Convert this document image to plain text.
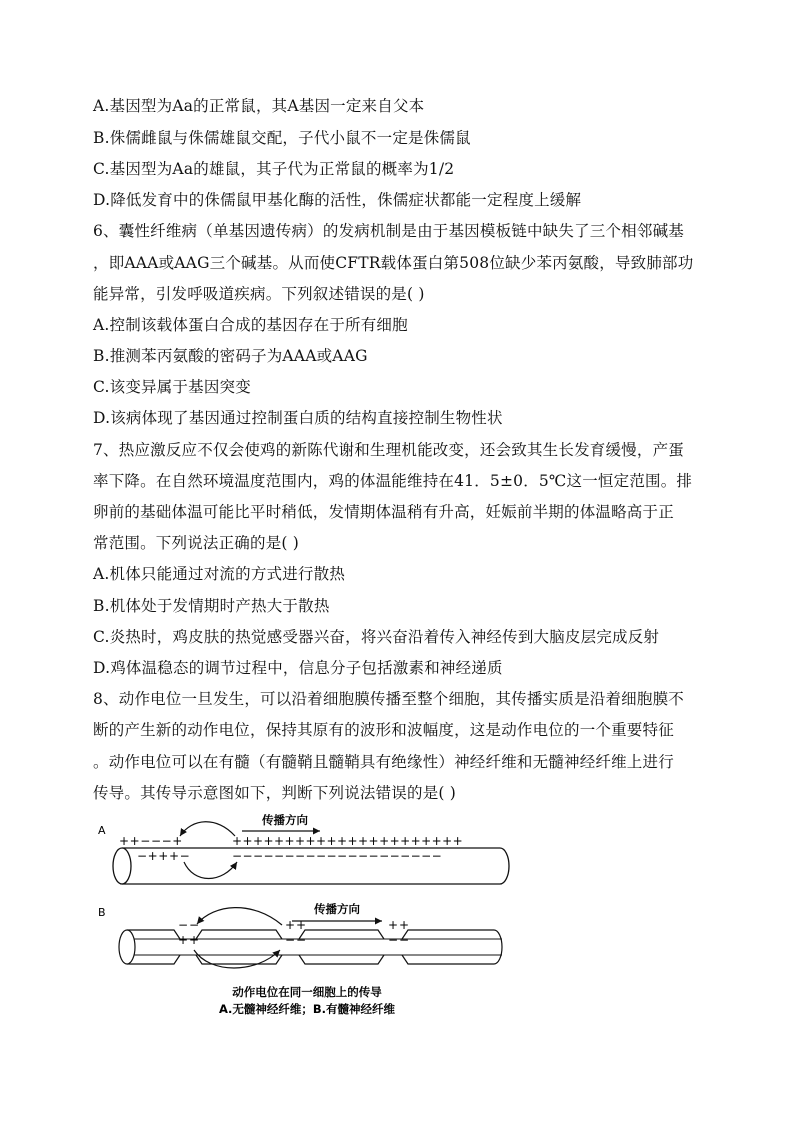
A.基因型为Aa的正常鼠，其A基因一定来自父本
B.侏儒雌鼠与侏儒雄鼠交配，子代小鼠不一定是侏儒鼠
C.基因型为Aa的雄鼠，其子代为正常鼠的概率为1/2
D.降低发育中的侏儒鼠甲基化酶的活性，侏儒症状都能一定程度上缓解
6、囊性纤维病（单基因遗传病）的发病机制是由于基因模板链中缺失了三个相邻碱基
，即AAA或AAG三个碱基。从而使CFTR载体蛋白第508位缺少苯丙氨酸，导致肺部功
能异常，引发呼吸道疾病。下列叙述错误的是( )
A.控制该载体蛋白合成的基因存在于所有细胞
B.推测苯丙氨酸的密码子为AAA或AAG
C.该变异属于基因突变
D.该病体现了基因通过控制蛋白质的结构直接控制生物性状
7、热应激反应不仅会使鸡的新陈代谢和生理机能改变，还会致其生长发育缓慢，产蛋
率下降。在自然环境温度范围内，鸡的体温能维持在41．5±0．5℃这一恒定范围。排
卵前的基础体温可能比平时稍低，发情期体温稍有升高，妊娠前半期的体温略高于正
常范围。下列说法正确的是( )
A.机体只能通过对流的方式进行散热
B.机体处于发情期时产热大于散热
C.炎热时，鸡皮肤的热觉感受器兴奋，将兴奋沿着传入神经传到大脑皮层完成反射
D.鸡体温稳态的调节过程中，信息分子包括激素和神经递质
8、动作电位一旦发生，可以沿着细胞膜传播至整个细胞，其传播实质是沿着细胞膜不
断的产生新的动作电位，保持其原有的波形和波幅度，这是动作电位的一个重要特征
。动作电位可以在有髓（有髓鞘且髓鞘具有绝缘性）神经纤维和无髓神经纤维上进行
传导。其传导示意图如下，判断下列说法错误的是( )
A
传播方向
++−−−+	++++++++++++++++++++++
−+++−	−−−−−−−−−−−−−−−−−−−−
B	传播方向
−−	++	++
++	−−	−−
动作电位在同一细胞上的传导
A.无髓神经纤维；B.有髓神经纤维
